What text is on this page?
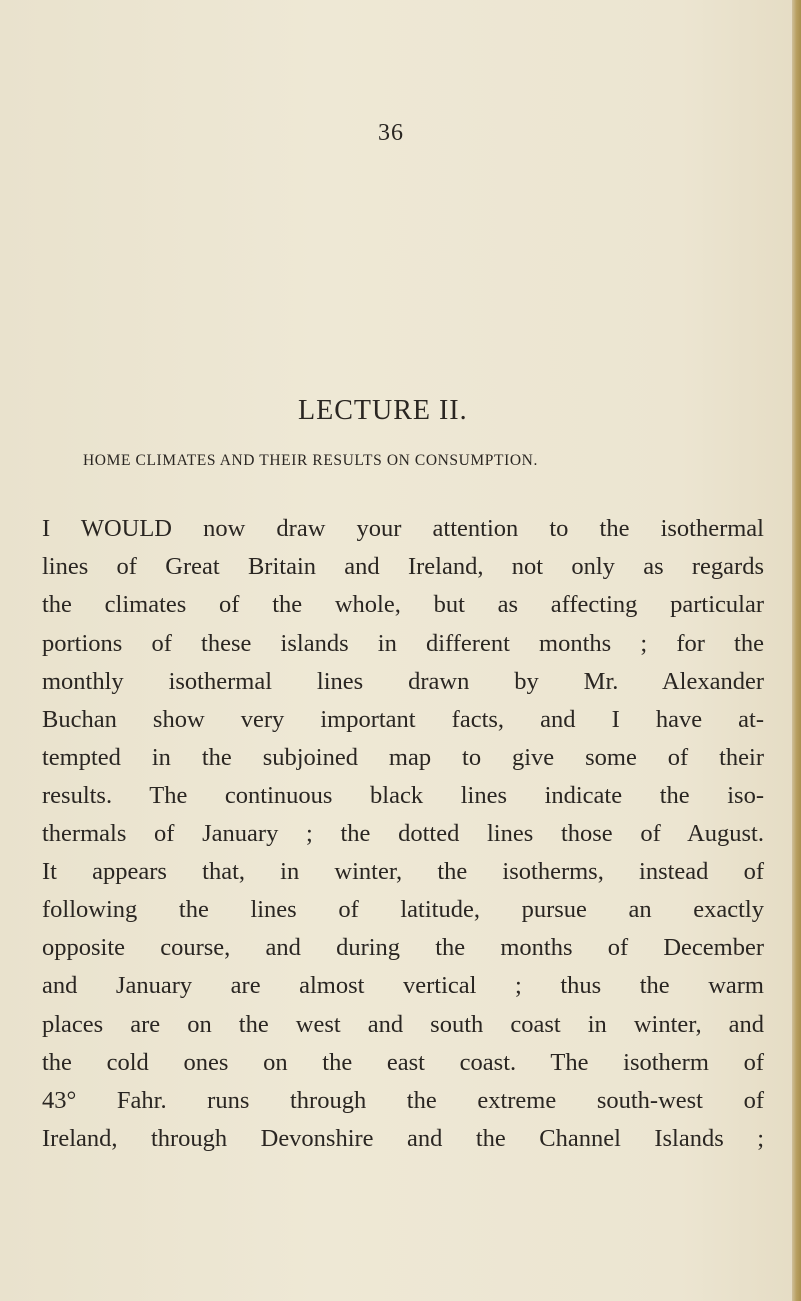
36
LECTURE II.
HOME CLIMATES AND THEIR RESULTS ON CONSUMPTION.
I WOULD now draw your attention to the isothermal
lines of Great Britain and Ireland, not only as regards
the climates of the whole, but as affecting particular
portions of these islands in different months ; for the
monthly isothermal lines drawn by Mr. Alexander
Buchan show very important facts, and I have at-
tempted in the subjoined map to give some of their
results. The continuous black lines indicate the iso-
thermals of January ; the dotted lines those of August.
It appears that, in winter, the isotherms, instead of
following the lines of latitude, pursue an exactly
opposite course, and during the months of December
and January are almost vertical ; thus the warm
places are on the west and south coast in winter, and
the cold ones on the east coast. The isotherm of
43° Fahr. runs through the extreme south-west of
Ireland, through Devonshire and the Channel Islands ;
